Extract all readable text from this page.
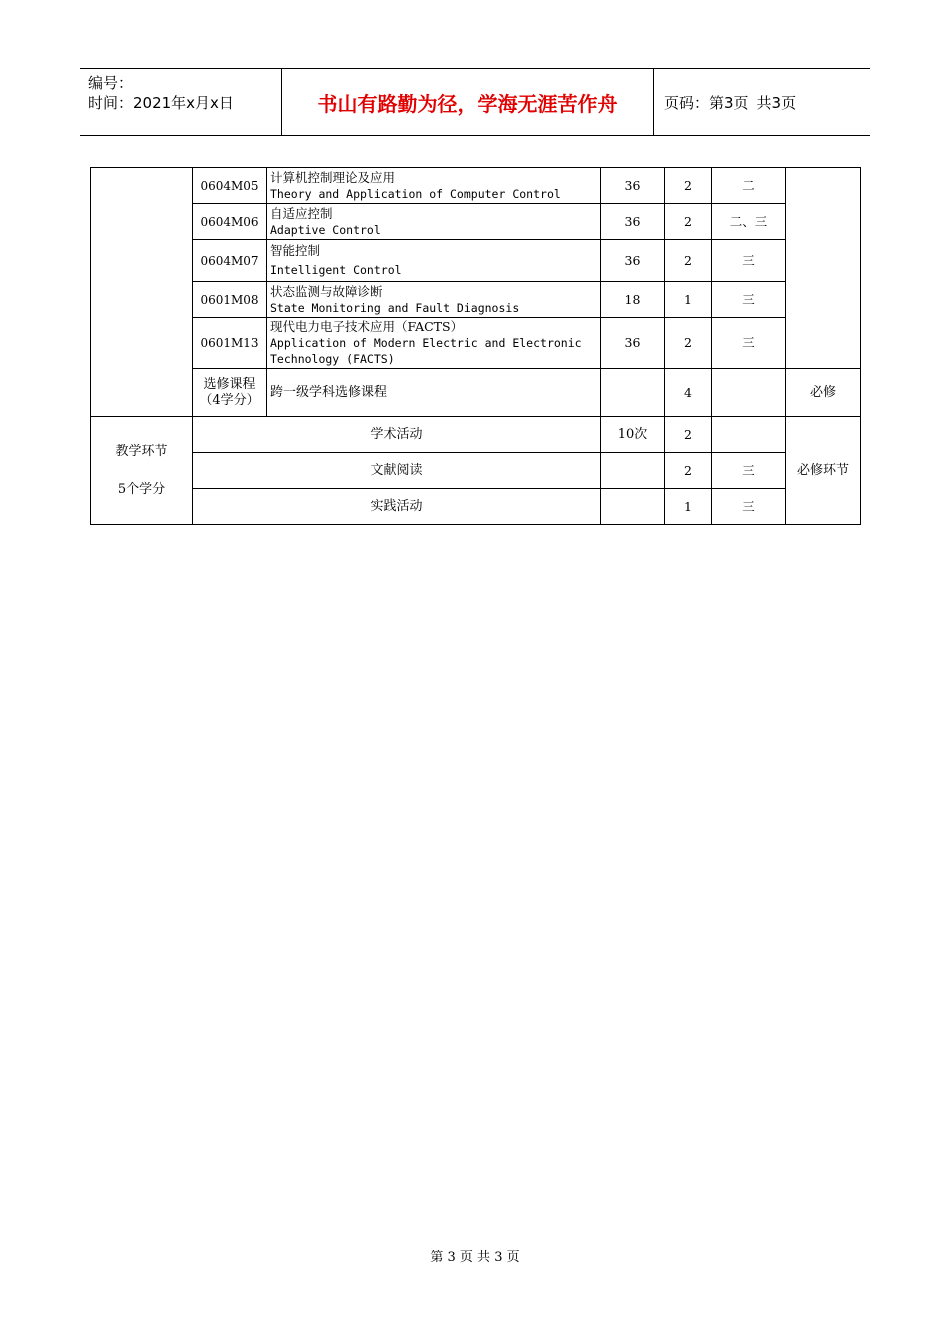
编号：
时间：2021年x月x日	书山有路勤为径，学海无涯苦作舟	页码：第3页 共3页
	0604M05	计算机控制理论及应用
Theory and Application of Computer Control	36	2	二	
	0604M06	自适应控制
Adaptive Control	36	2	二、三	
	0604M07	智能控制
Intelligent Control	36	2	三	
	0601M08	状态监测与故障诊断
State Monitoring and Fault Diagnosis	18	1	三	
	0601M13	现代电力电子技术应用（FACTS）
Application of Modern Electric and Electronic Technology (FACTS)	36	2	三	
	选修课程（4学分）	跨一级学科选修课程		4		必修

教学环节
5个学分	学术活动		10次	2		必修环节
	文献阅读			2	三	
	实践活动			1	三	
第 3 页 共 3 页
